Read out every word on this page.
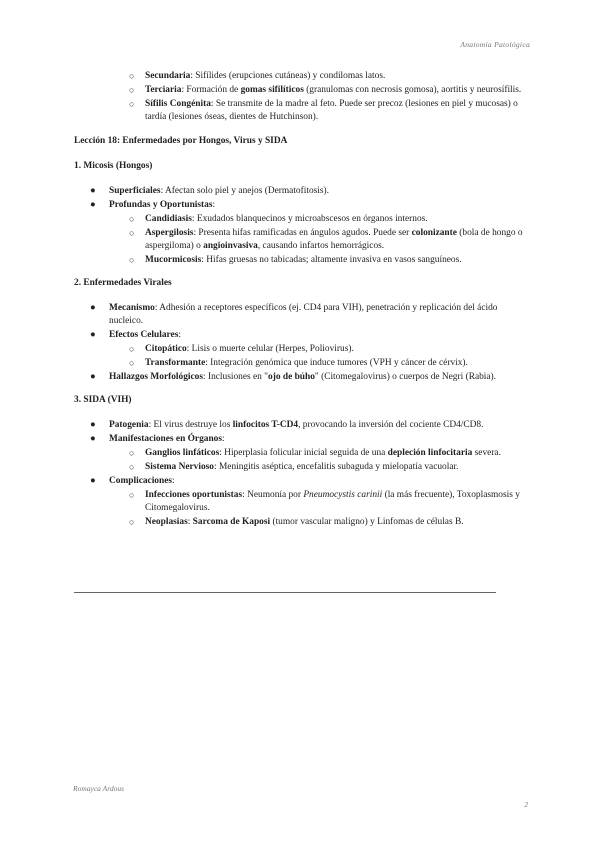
Anatomía Patológica
○ Secundaria: Sifílides (erupciones cutáneas) y condilomas latos.
○ Terciaria: Formación de gomas sifilíticos (granulomas con necrosis gomosa), aortitis y neurosífilis.
○ Sífilis Congénita: Se transmite de la madre al feto. Puede ser precoz (lesiones en piel y mucosas) o tardía (lesiones óseas, dientes de Hutchinson).
Lección 18: Enfermedades por Hongos, Virus y SIDA
1. Micosis (Hongos)
● Superficiales: Afectan solo piel y anejos (Dermatofitosis).
● Profundas y Oportunistas:
○ Candidiasis: Exudados blanquecinos y microabscesos en órganos internos.
○ Aspergilosis: Presenta hifas ramificadas en ángulos agudos. Puede ser colonizante (bola de hongo o aspergiloma) o angioinvasiva, causando infartos hemorrágicos.
○ Mucormicosis: Hifas gruesas no tabicadas; altamente invasiva en vasos sanguíneos.
2. Enfermedades Virales
● Mecanismo: Adhesión a receptores específicos (ej. CD4 para VIH), penetración y replicación del ácido nucleico.
● Efectos Celulares:
○ Citopático: Lisis o muerte celular (Herpes, Poliovirus).
○ Transformante: Integración genómica que induce tumores (VPH y cáncer de cérvix).
● Hallazgos Morfológicos: Inclusiones en "ojo de búho" (Citomegalovirus) o cuerpos de Negri (Rabia).
3. SIDA (VIH)
● Patogenia: El virus destruye los linfocitos T-CD4, provocando la inversión del cociente CD4/CD8.
● Manifestaciones en Órganos:
○ Ganglios linfáticos: Hiperplasia folicular inicial seguida de una depleción linfocitaria severa.
○ Sistema Nervioso: Meningitis aséptica, encefalitis subaguda y mielopatía vacuolar.
● Complicaciones:
○ Infecciones oportunistas: Neumonía por Pneumocystis carinii (la más frecuente), Toxoplasmosis y Citomegalovirus.
○ Neoplasias: Sarcoma de Kaposi (tumor vascular maligno) y Linfomas de células B.
Romayca Ardous
2
